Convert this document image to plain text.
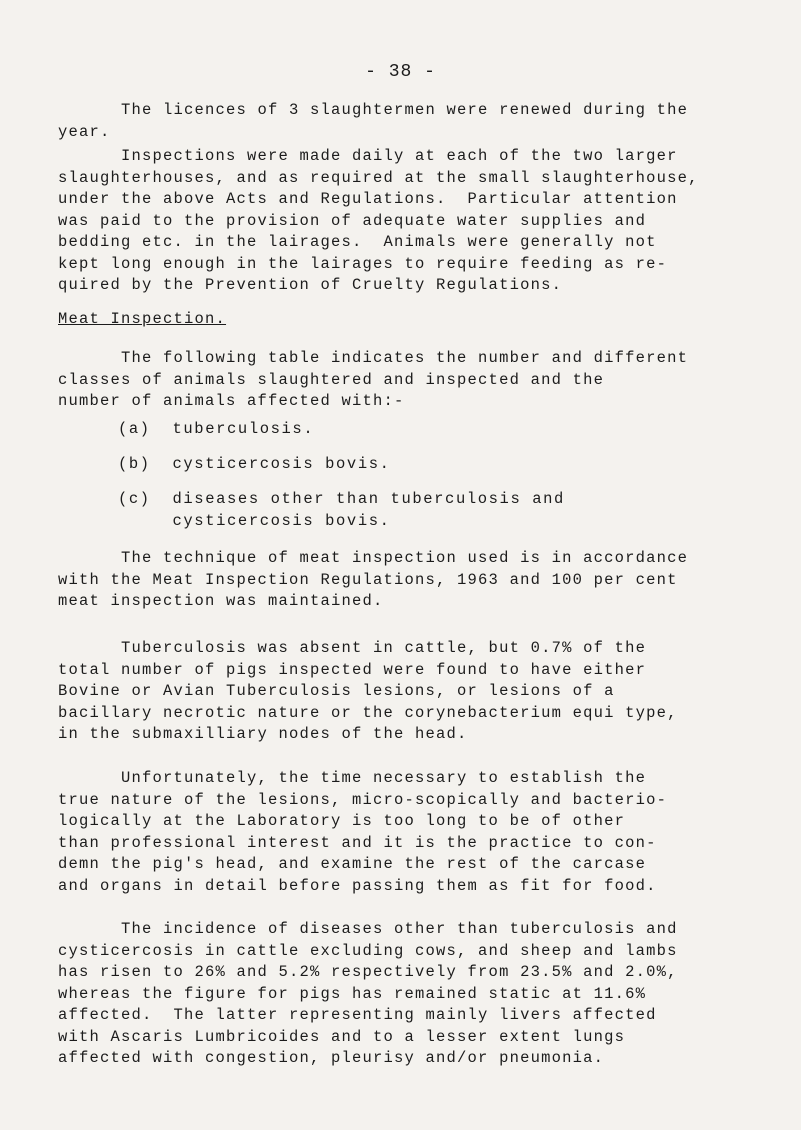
- 38 -
The licences of 3 slaughtermen were renewed during the
year.
Inspections were made daily at each of the two larger
slaughterhouses, and as required at the small slaughterhouse,
under the above Acts and Regulations.  Particular attention
was paid to the provision of adequate water supplies and
bedding etc. in the lairages.  Animals were generally not
kept long enough in the lairages to require feeding as re-
quired by the Prevention of Cruelty Regulations.
Meat Inspection.
The following table indicates the number and different
classes of animals slaughtered and inspected and the
number of animals affected with:-
(a)  tuberculosis.
(b)  cysticercosis bovis.
(c)  diseases other than tuberculosis and
cysticercosis bovis.
The technique of meat inspection used is in accordance
with the Meat Inspection Regulations, 1963 and 100 per cent
meat inspection was maintained.
Tuberculosis was absent in cattle, but 0.7% of the
total number of pigs inspected were found to have either
Bovine or Avian Tuberculosis lesions, or lesions of a
bacillary necrotic nature or the corynebacterium equi type,
in the submaxilliary nodes of the head.
Unfortunately, the time necessary to establish the
true nature of the lesions, micro-scopically and bacterio-
logically at the Laboratory is too long to be of other
than professional interest and it is the practice to con-
demn the pig's head, and examine the rest of the carcase
and organs in detail before passing them as fit for food.
The incidence of diseases other than tuberculosis and
cysticercosis in cattle excluding cows, and sheep and lambs
has risen to 26% and 5.2% respectively from 23.5% and 2.0%,
whereas the figure for pigs has remained static at 11.6%
affected.  The latter representing mainly livers affected
with Ascaris Lumbricoides and to a lesser extent lungs
affected with congestion, pleurisy and/or pneumonia.
